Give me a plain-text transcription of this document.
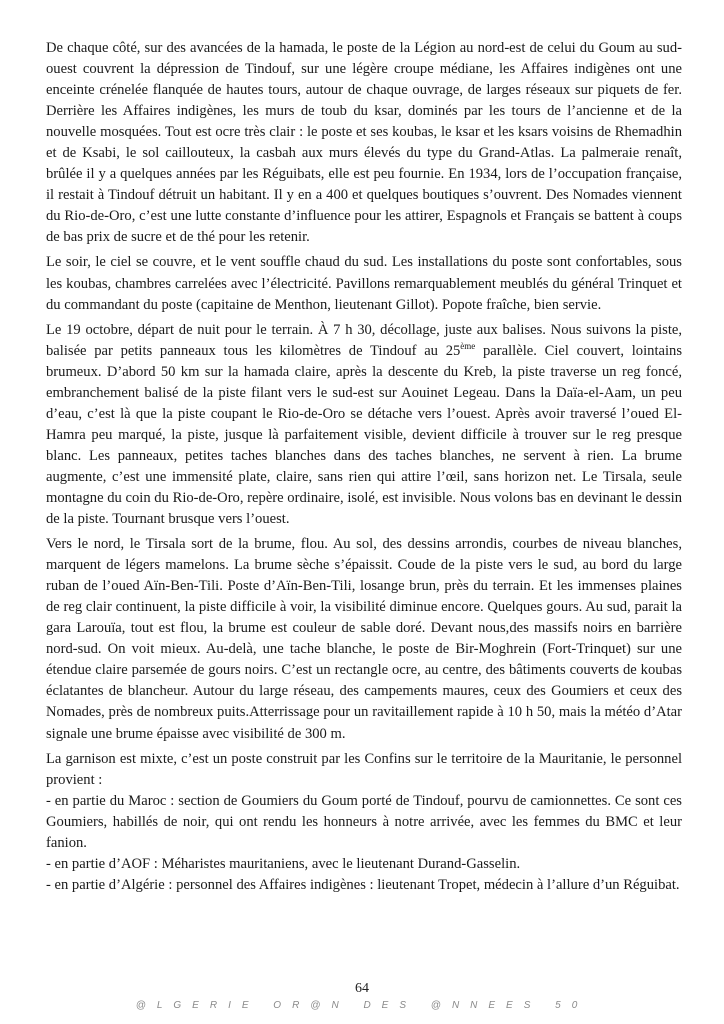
De chaque côté, sur des avancées de la hamada, le poste de la Légion au nord-est de celui du Goum au sud-ouest couvrent la dépression de Tindouf, sur une légère croupe médiane, les Affaires indigènes ont une enceinte crénelée flanquée de hautes tours, autour de chaque ouvrage, de larges réseaux sur piquets de fer. Derrière les Affaires indigènes, les murs de toub du ksar, dominés par les tours de l’ancienne et de la nouvelle mosquées. Tout est ocre très clair : le poste et ses koubas, le ksar et les ksars voisins de Rhemadhin et de Ksabi, le sol caillouteux, la casbah aux murs élevés du type du Grand-Atlas. La palmeraie renaît, brûlée il y a quelques années par les Réguibats, elle est peu fournie. En 1934, lors de l’occupation française, il restait à Tindouf détruit un habitant. Il y en a 400 et quelques boutiques s’ouvrent. Des Nomades viennent du Rio-de-Oro, c’est une lutte constante d’influence pour les attirer, Espagnols et Français se battent à coups de bas prix de sucre et de thé pour les retenir.

Le soir, le ciel se couvre, et le vent souffle chaud du sud. Les installations du poste sont confortables, sous les koubas, chambres carrelées avec l’électricité. Pavillons remarquablement meublés du général Trinquet et du commandant du poste (capitaine de Menthon, lieutenant Gillot). Popote fraîche, bien servie.

Le 19 octobre, départ de nuit pour le terrain. À 7 h 30, décollage, juste aux balises. Nous suivons la piste, balisée par petits panneaux tous les kilomètres de Tindouf au 25ème parallèle. Ciel couvert, lointains brumeux. D’abord 50 km sur la hamada claire, après la descente du Kreb, la piste traverse un reg foncé, embranchement balisé de la piste filant vers le sud-est sur Aouinet Legeau. Dans la Daïa-el-Aam, un peu d’eau, c’est là que la piste coupant le Rio-de-Oro se détache vers l’ouest. Après avoir traversé l’oued El-Hamra peu marqué, la piste, jusque là parfaitement visible, devient difficile à trouver sur le reg presque blanc. Les panneaux, petites taches blanches dans des taches blanches, ne servent à rien. La brume augmente, c’est une immensité plate, claire, sans rien qui attire l’œil, sans horizon net. Le Tirsala, seule montagne du coin du Rio-de-Oro, repère ordinaire, isolé, est invisible. Nous volons bas en devinant le dessin de la piste. Tournant brusque vers l’ouest.

Vers le nord, le Tirsala sort de la brume, flou. Au sol, des dessins arrondis, courbes de niveau blanches, marquent de légers mamelons. La brume sèche s’épaissit. Coude de la piste vers le sud, au bord du large ruban de l’oued Aïn-Ben-Tili. Poste d’Aïn-Ben-Tili, losange brun, près du terrain. Et les immenses plaines de reg clair continuent, la piste difficile à voir, la visibilité diminue encore. Quelques gours. Au sud, parait la gara Larouïa, tout est flou, la brume est couleur de sable doré. Devant nous,des massifs noirs en barrière nord-sud. On voit mieux. Au-delà, une tache blanche, le poste de Bir-Moghrein (Fort-Trinquet) sur une étendue claire parsemée de gours noirs. C’est un rectangle ocre, au centre, des bâtiments couverts de koubas éclatantes de blancheur. Autour du large réseau, des campements maures, ceux des Goumiers et ceux des Nomades, près de nombreux puits.Atterrissage pour un ravitaillement rapide à 10 h 50, mais la météo d’Atar signale une brume épaisse avec visibilité de 300 m.

La garnison est mixte, c’est un poste construit par les Confins sur le territoire de la Mauritanie, le personnel provient :

- en partie du Maroc : section de Goumiers du Goum porté de Tindouf, pourvu de camionnettes. Ce sont ces Goumiers, habillés de noir, qui ont rendu les honneurs à notre arrivée, avec les femmes du BMC et leur fanion.

- en partie d’AOF : Méharistes mauritaniens, avec le lieutenant Durand-Gasselin.

- en partie d’Algérie : personnel des Affaires indigènes : lieutenant Tropet, médecin à l’allure d’un Réguibat.

64
@LGERIE OR@N DES @NNEES 50
